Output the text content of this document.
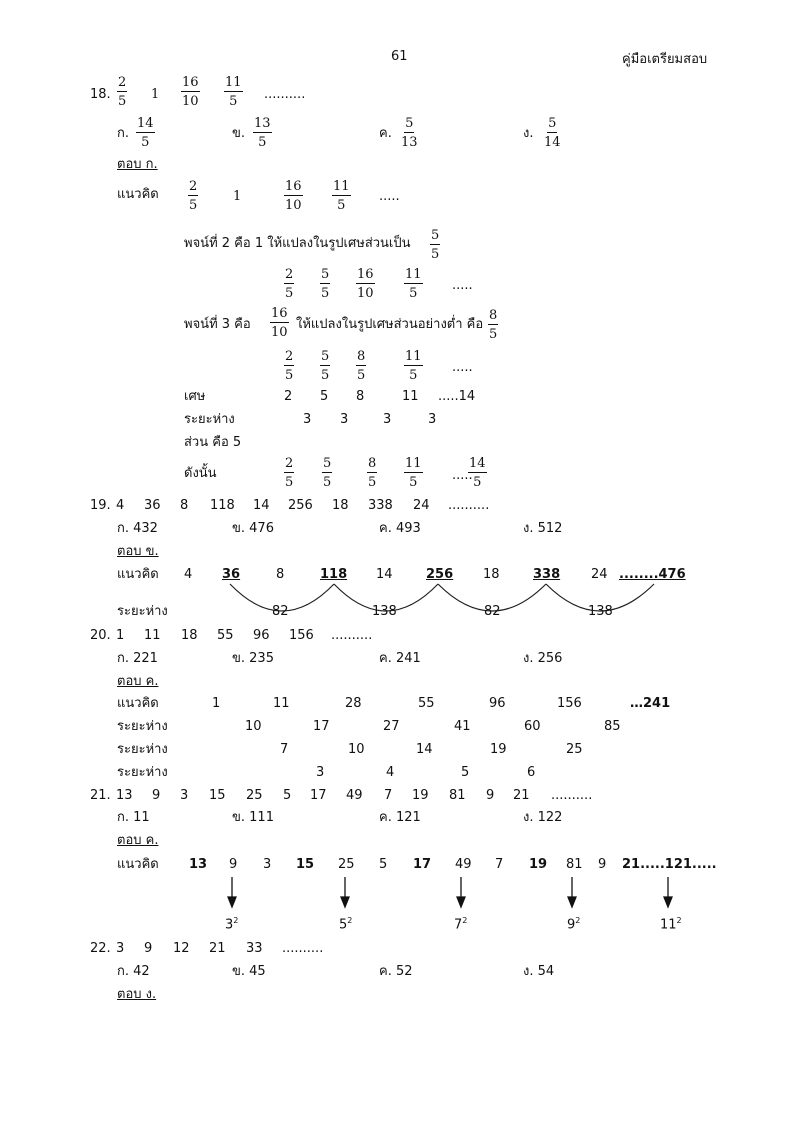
61	คู่มือเตรียมสอบ
18. $\frac{2}{5} 1 \frac{16}{10} \frac{11}{5}$ ..........
ก. $\frac{14}{5}$	ข. $\frac{13}{5}$	ค. $\frac{5}{13}$	ง. $\frac{5}{14}$
ตอบ ก.
แนวคิด $\frac{2}{5}$	1	$\frac{16}{10} \frac{11}{5}$ .....
พจน์ที่ 2 คือ 1 ให้แปลงในรูปเศษส่วนเป็น $\frac{5}{5}$
$\frac{2}{5} \frac{5}{5} \frac{16}{10} \frac{11}{5}$ .....
พจน์ที่ 3 คือ $\frac{16}{10}$ ให้แปลงในรูปเศษส่วนอย่างต่ำ คือ $\frac{8}{5}$
$\frac{2}{5} \frac{5}{5} \frac{8}{5}$	$\frac{11}{5}$ .....
เศษ	2 5 8	11 .....14
ระยะห่าง	3 3	3	3
ส่วน คือ 5
ดังนั้น	$\frac{2}{5} \frac{5}{5}$	$\frac{8}{5} \frac{11}{5}$ .....
$\frac{14}{5}$
19. 4 36 8 118 14 256 18 338 24 ..........
ก. 432	ข. 476	ค. 493	ง. 512
ตอบ ข.
แนวคิด 4 36	8	118 14	256 18	338 24 ........476
ระยะห่าง	82	138	82	138
20. 1 11 18 55 96 156 ..........
ก. 221	ข. 235	ค. 241	ง. 256
ตอบ ค.
แนวคิด	1	11	28	55	96	156	…241
ระยะห่าง	10	17	27	41	60	85
ระยะห่าง	7	10	14	19	25
ระยะห่าง	3	4	5	6
21. 13 9 3 15 25 5 17 49 7 19 81 9 21 ..........
ก. 11	ข. 111	ค. 121	ง. 122
ตอบ ค.
แนวคิด 13 9 3 15 25 5 17 49 7 19 81 9 21.....121.....
$3^2$	$5^2$	$7^2$	$9^2$	$11^2$
22. 3 9 12 21 33 ..........
ก. 42	ข. 45	ค. 52	ง. 54
ตอบ ง.
